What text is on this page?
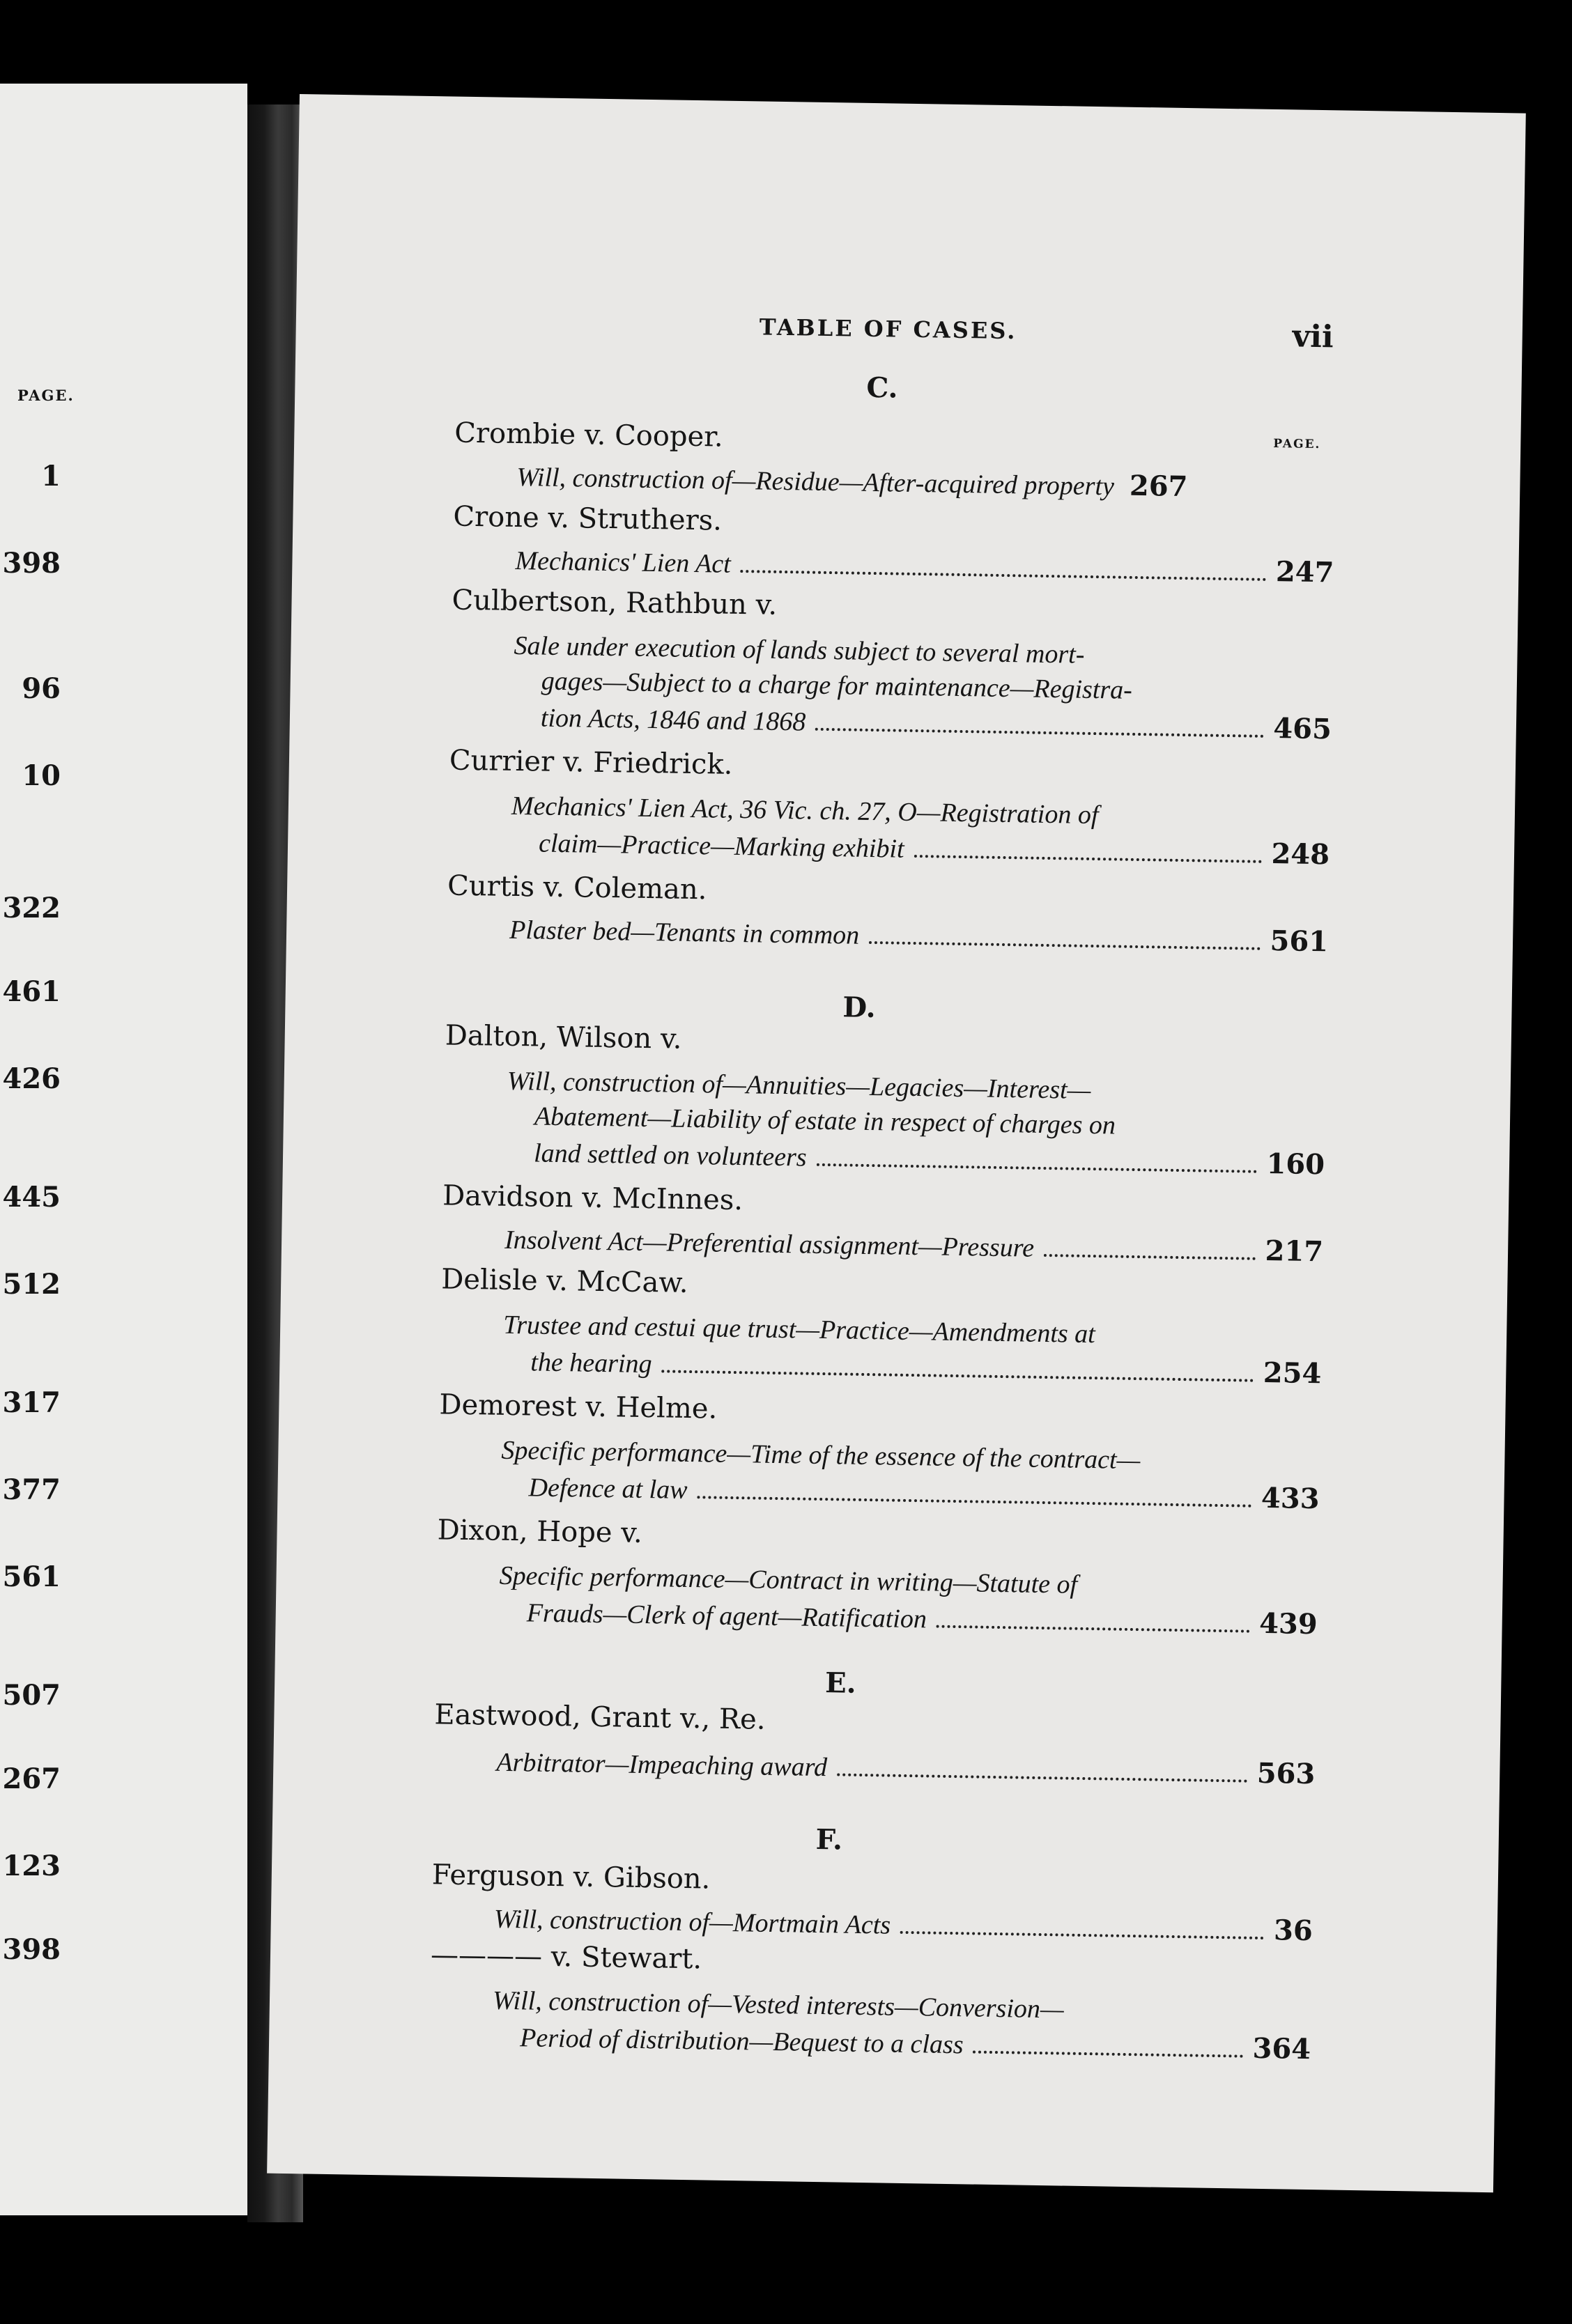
PAGE.
1
398
96
10
322
461
426
445
512
317
377
561
507
267
123
398
TABLE OF CASES.	vii
C.
PAGE.
Crombie v. Cooper.
Will, construction of—Residue—After-acquired property 267
Crone v. Struthers.
Mechanics' Lien Act	247
Culbertson, Rathbun v.
Sale under execution of lands subject to several mort-
gages—Subject to a charge for maintenance—Registra-
tion Acts, 1846 and 1868	465
Currier v. Friedrick.
Mechanics' Lien Act, 36 Vic. ch. 27, O—Registration of
claim—Practice—Marking exhibit	248
Curtis v. Coleman.
Plaster bed—Tenants in common	561
D.
Dalton, Wilson v.
Will, construction of—Annuities—Legacies—Interest—
Abatement—Liability of estate in respect of charges on
land settled on volunteers	160
Davidson v. McInnes.
Insolvent Act—Preferential assignment—Pressure	217
Delisle v. McCaw.
Trustee and cestui que trust—Practice—Amendments at
the hearing	254
Demorest v. Helme.
Specific performance—Time of the essence of the contract—
Defence at law	433
Dixon, Hope v.
Specific performance—Contract in writing—Statute of
Frauds—Clerk of agent—Ratification	439
E.
Eastwood, Grant v., Re.
Arbitrator—Impeaching award	563
F.
Ferguson v. Gibson.
Will, construction of—Mortmain Acts	36
———— v. Stewart.
Will, construction of—Vested interests—Conversion—
Period of distribution—Bequest to a class	364
